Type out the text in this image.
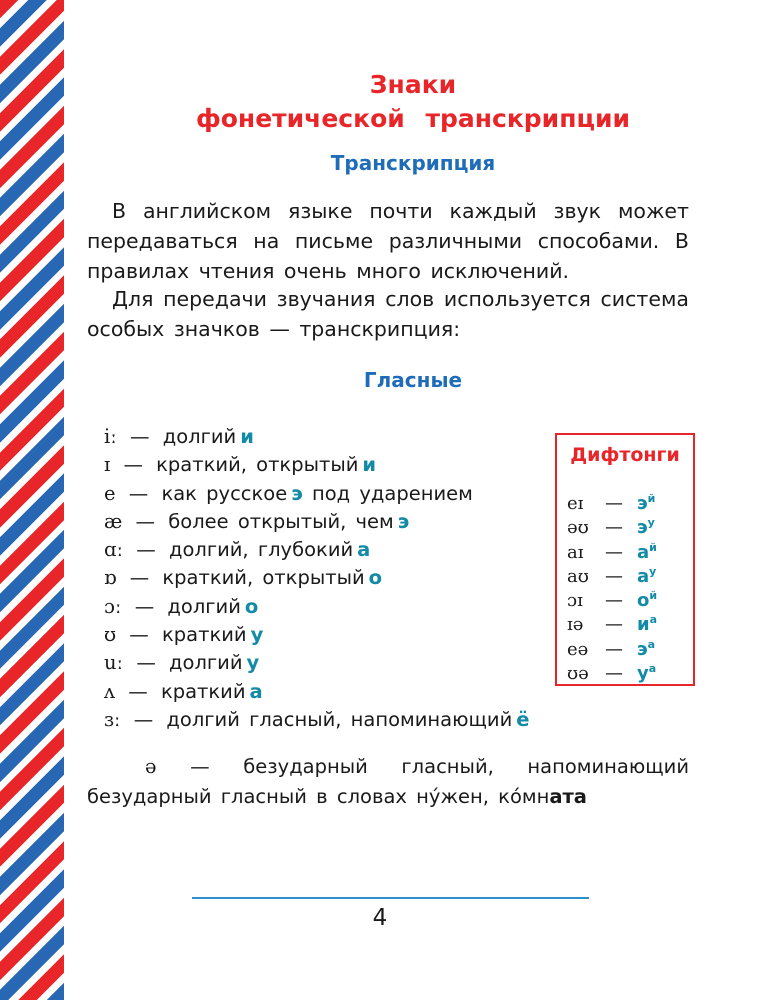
Знаки
фонетической транскрипции
Транскрипция

В английском языке почти каждый звук может передаваться на письме различными способами. В правилах чтения очень много исключений.

Для передачи звучания слов используется система особых значков — транскрипция:

Гласные
iː — долгий и
ɪ — краткий, открытый и
e — как русское э под ударением
æ — более открытый, чем э
ɑː — долгий, глубокий а
ɒ — краткий, открытый о
ɔː — долгий о
ʊ — краткий у
uː — долгий у
ʌ — краткий а
ɜː — долгий гласный, напоминающий ё

ə — безударный гласный, напоминающий безударный гласный в словах ну́жен, ко́мната

Дифтонги
eɪ — $э^й$
əʊ — $э^у$
aɪ — $а^й$
aʊ — $а^у$
ɔɪ — $о^й$
ɪə — $и^а$
eə — $э^а$
ʊə — $у^а$
4
